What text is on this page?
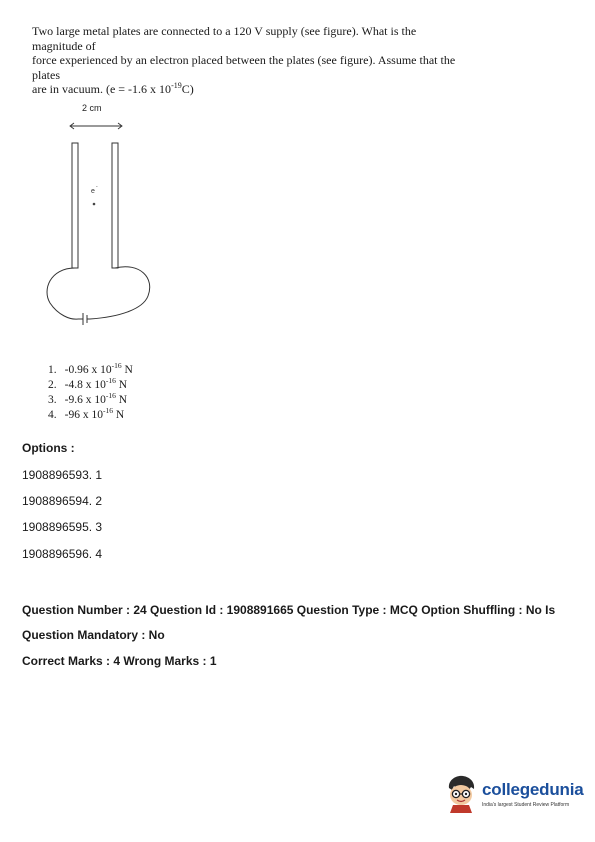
Two large metal plates are connected to a 120 V supply (see figure). What is the magnitude of
force experienced by an electron placed between the plates (see figure). Assume that the plates
are in vacuum. (e = -1.6 x $10^{-19}C$)
2 cm
e
-
1. -0.96 x $10^{-16}$ N
2. -4.8 x $10^{-16}$ N
3. -9.6 x $10^{-16}$ N
4. -96 x $10^{-16}$ N
Options :
1908896593. 1
1908896594. 2
1908896595. 3
1908896596. 4
Question Number : 24 Question Id : 1908891665 Question Type : MCQ Option Shuffling : No Is
Question Mandatory : No
Correct Marks : 4 Wrong Marks : 1
collegedunia
India's largest Student Review Platform
